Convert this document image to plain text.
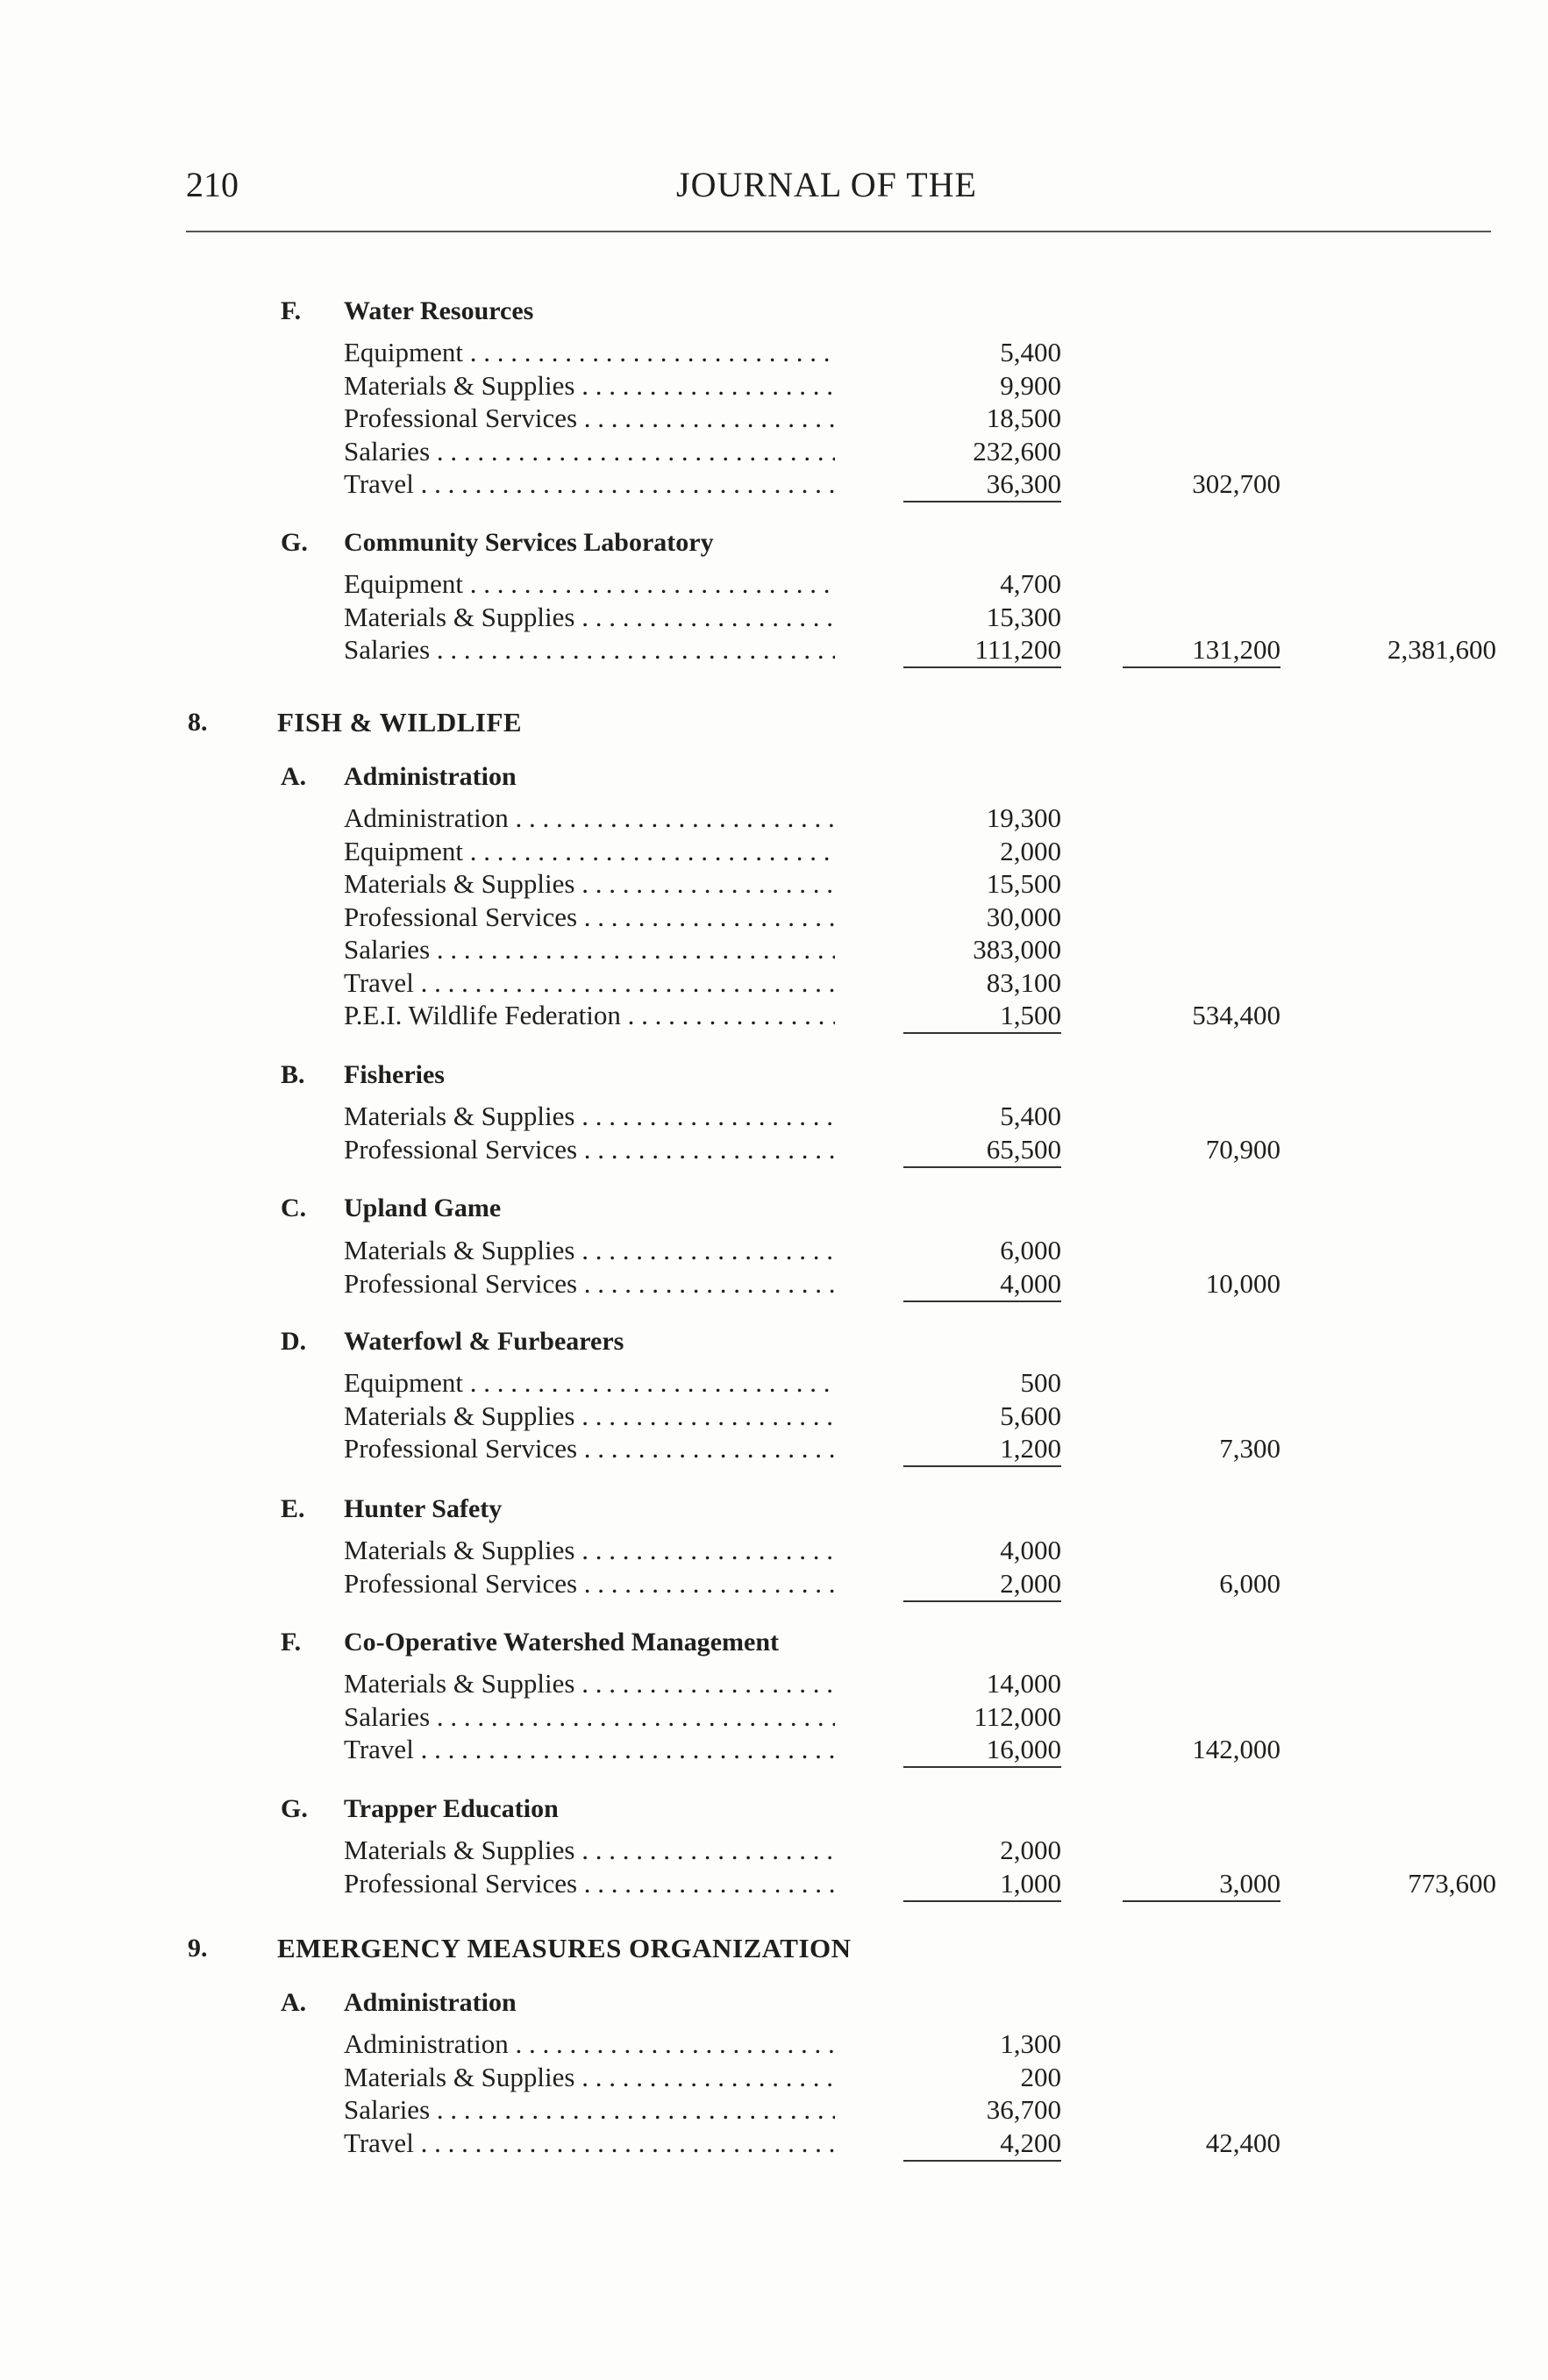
210	JOURNAL OF THE
F. Water Resources
Equipment . . .	5,400
Materials & Supplies . . .	9,900
Professional Services . . .	18,500
Salaries . . .	232,600
Travel . . .	36,300	302,700
G. Community Services Laboratory
Equipment . . .	4,700
Materials & Supplies . . .	15,300
Salaries . . .	111,200	131,200	2,381,600
8.	FISH & WILDLIFE
A. Administration
Administration . . .	19,300
Equipment . . .	2,000
Materials & Supplies . . .	15,500
Professional Services . . .	30,000
Salaries . . .	383,000
Travel . . .	83,100
P.E.I. Wildlife Federation . . .	1,500	534,400
B. Fisheries
Materials & Supplies . . .	5,400
Professional Services . . .	65,500	70,900
C. Upland Game
Materials & Supplies . . .	6,000
Professional Services . . .	4,000	10,000
D. Waterfowl & Furbearers
Equipment . . .	500
Materials & Supplies . . .	5,600
Professional Services . . .	1,200	7,300
E. Hunter Safety
Materials & Supplies . . .	4,000
Professional Services . . .	2,000	6,000
F. Co-Operative Watershed Management
Materials & Supplies . . .	14,000
Salaries . . .	112,000
Travel . . .	16,000	142,000
G. Trapper Education
Materials & Supplies . . .	2,000
Professional Services . . .	1,000	3,000	773,600
9.	EMERGENCY MEASURES ORGANIZATION
A. Administration
Administration . . .	1,300
Materials & Supplies . . .	200
Salaries . . .	36,700
Travel . . .	4,200	42,400
